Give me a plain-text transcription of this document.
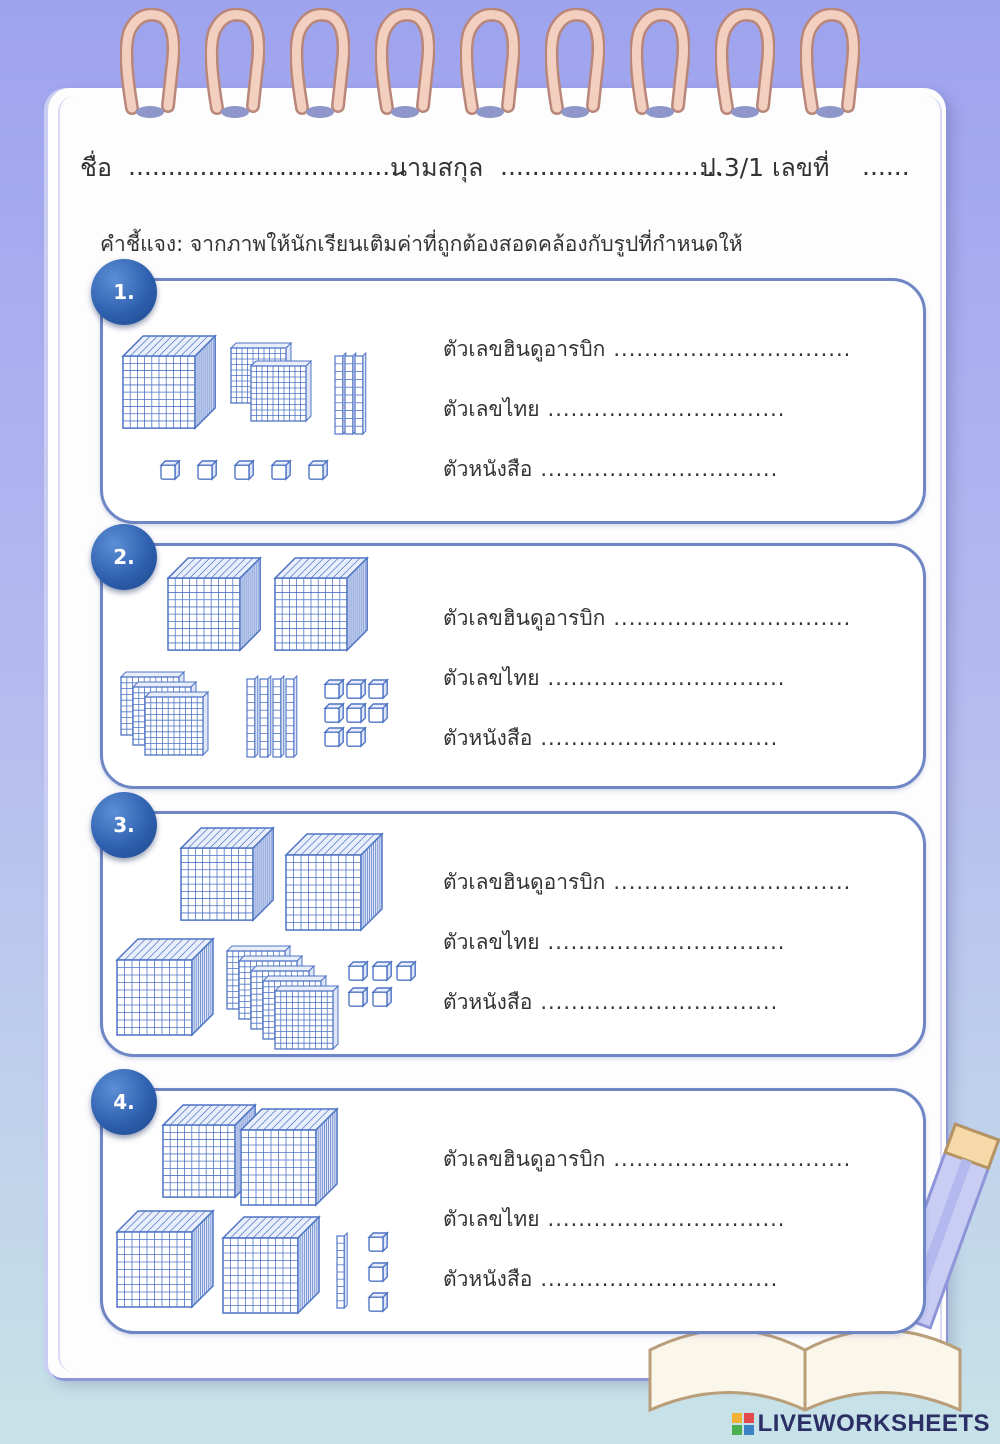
ชื่อ ...................................
นามสกุล ............................
ป.3/1 เลขที่ ......
คำชี้แจง: จากภาพให้นักเรียนเติมค่าที่ถูกต้องสอดคล้องกับรูปที่กำหนดให้
1.
ตัวเลขฮินดูอารบิก ...............................
ตัวเลขไทย ...............................
ตัวหนังสือ ...............................
2.
ตัวเลขฮินดูอารบิก ...............................
ตัวเลขไทย ...............................
ตัวหนังสือ ...............................
3.
ตัวเลขฮินดูอารบิก ...............................
ตัวเลขไทย ...............................
ตัวหนังสือ ...............................
4.
ตัวเลขฮินดูอารบิก ...............................
ตัวเลขไทย ...............................
ตัวหนังสือ ...............................
LIVEWORKSHEETS
